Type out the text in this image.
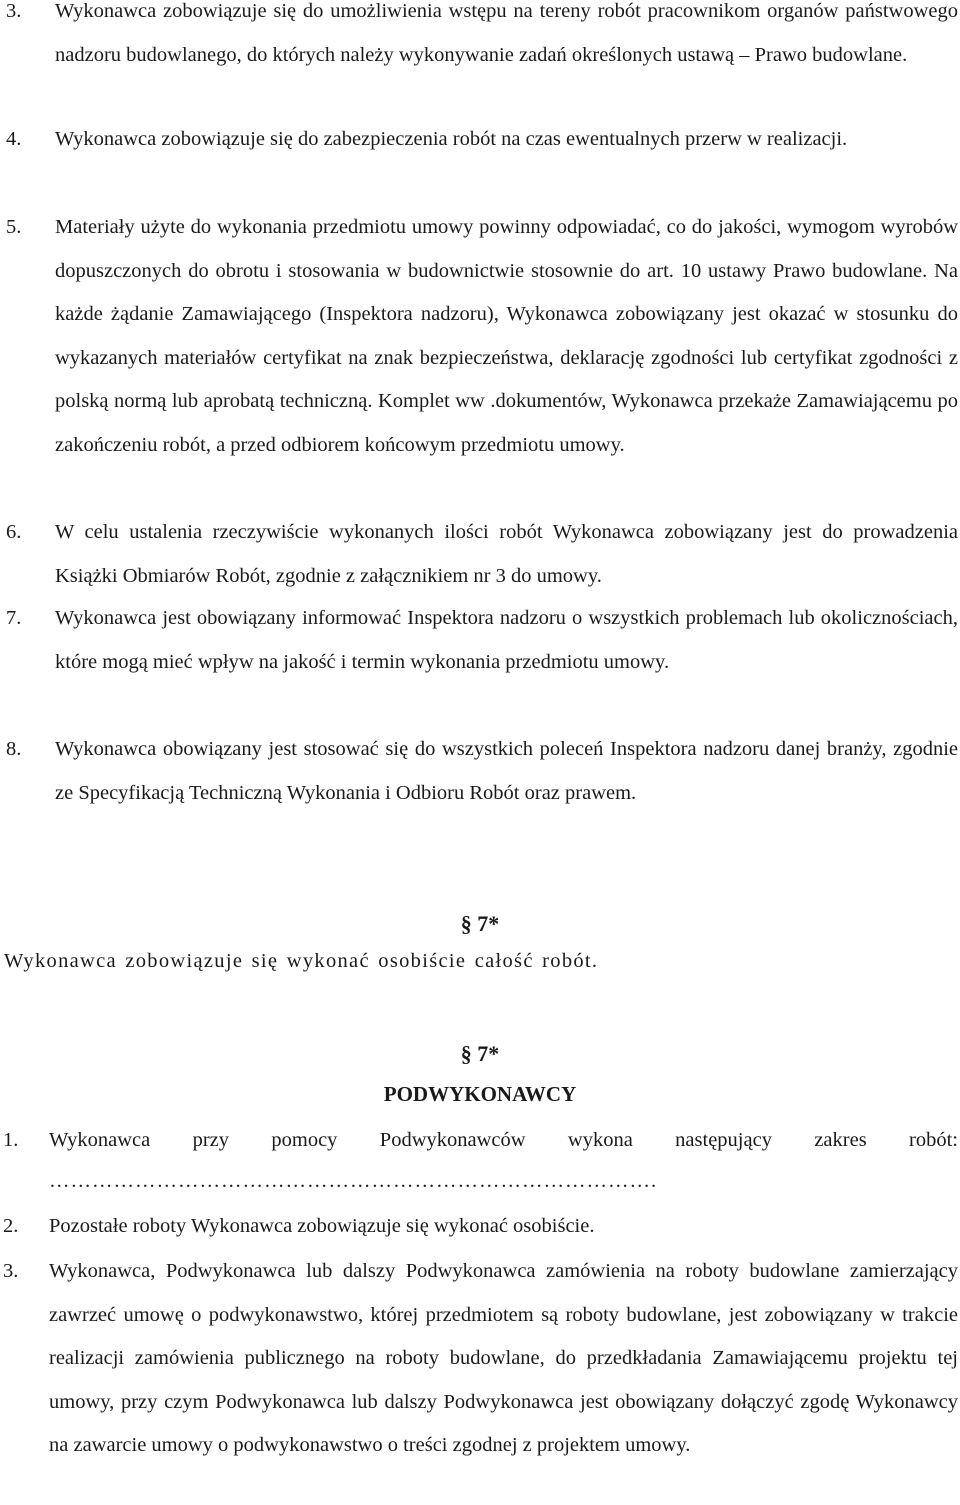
3. Wykonawca zobowiązuje się do umożliwienia wstępu na tereny robót pracownikom organów państwowego nadzoru budowlanego, do których należy wykonywanie zadań określonych ustawą – Prawo budowlane.

4. Wykonawca zobowiązuje się do zabezpieczenia robót na czas ewentualnych przerw w realizacji.

5. Materiały użyte do wykonania przedmiotu umowy powinny odpowiadać, co do jakości, wymogom wyrobów dopuszczonych do obrotu i stosowania w budownictwie stosownie do art. 10 ustawy Prawo budowlane. Na każde żądanie Zamawiającego (Inspektora nadzoru), Wykonawca zobowiązany jest okazać w stosunku do wykazanych materiałów certyfikat na znak bezpieczeństwa, deklarację zgodności lub certyfikat zgodności z polską normą lub aprobatą techniczną. Komplet ww .dokumentów, Wykonawca przekaże Zamawiającemu po zakończeniu robót, a przed odbiorem końcowym przedmiotu umowy.

6. W celu ustalenia rzeczywiście wykonanych ilości robót Wykonawca zobowiązany jest do prowadzenia Książki Obmiarów Robót, zgodnie z załącznikiem nr 3 do umowy.

7. Wykonawca jest obowiązany informować Inspektora nadzoru o wszystkich problemach lub okolicznościach, które mogą mieć wpływ na jakość i termin wykonania przedmiotu umowy.

8. Wykonawca obowiązany jest stosować się do wszystkich poleceń Inspektora nadzoru danej branży, zgodnie ze Specyfikacją Techniczną Wykonania i Odbioru Robót oraz prawem.

§ 7*

Wykonawca zobowiązuje się wykonać osobiście całość robót.

§ 7*

PODWYKONAWCY

1. Wykonawca przy pomocy Podwykonawców wykona następujący zakres robót:

………………………………………………………………………….
2. Pozostałe roboty Wykonawca zobowiązuje się wykonać osobiście.

3. Wykonawca, Podwykonawca lub dalszy Podwykonawca zamówienia na roboty budowlane zamierzający zawrzeć umowę o podwykonawstwo, której przedmiotem są roboty budowlane, jest zobowiązany w trakcie realizacji zamówienia publicznego na roboty budowlane, do przedkładania Zamawiającemu projektu tej umowy, przy czym Podwykonawca lub dalszy Podwykonawca jest obowiązany dołączyć zgodę Wykonawcy na zawarcie umowy o podwykonawstwo o treści zgodnej z projektem umowy.
